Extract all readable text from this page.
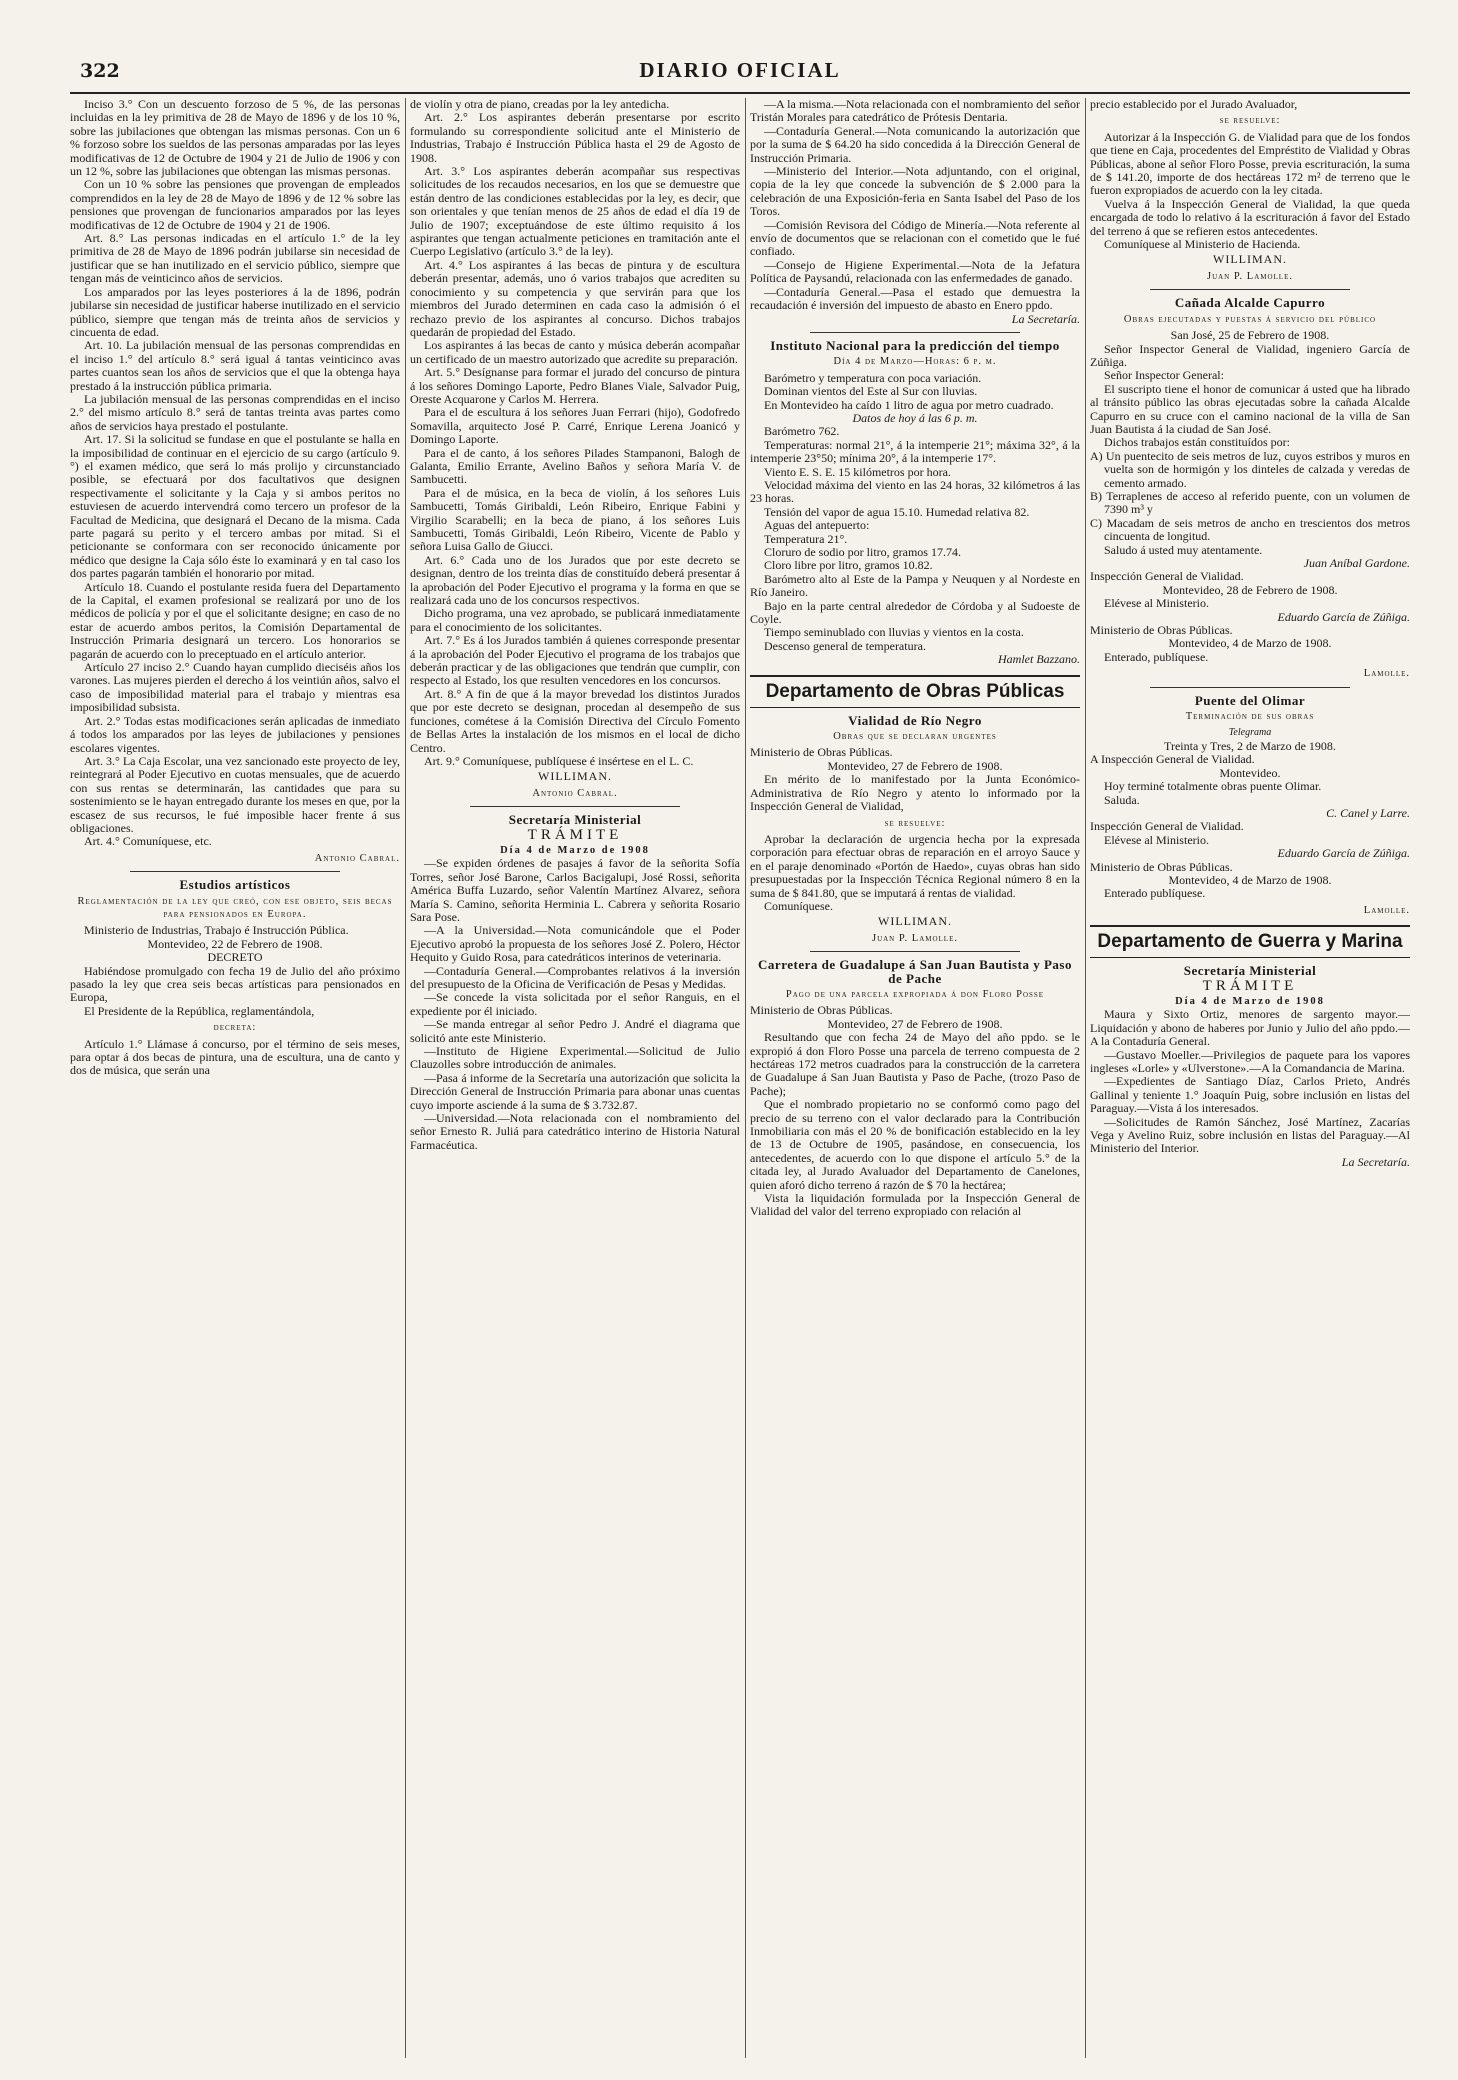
322	DIARIO OFICIAL

Inciso 3.° Con un descuento forzoso de 5 %, de las personas incluidas en la ley primitiva de 28 de Mayo de 1896 y de los 10 %, sobre las jubilaciones que obtengan las mismas personas. Con un 6 % forzoso sobre los sueldos de las personas amparadas por las leyes modificativas de 12 de Octubre de 1904 y 21 de Julio de 1906 y con un 12 %, sobre las jubilaciones que obtengan las mismas personas.

Con un 10 % sobre las pensiones que provengan de empleados comprendidos en la ley de 28 de Mayo de 1896 y de 12 % sobre las pensiones que provengan de funcionarios amparados por las leyes modificativas de 12 de Octubre de 1904 y 21 de 1906.

Art. 8.° Las personas indicadas en el artículo 1.° de la ley primitiva de 28 de Mayo de 1896 podrán jubilarse sin necesidad de justificar que se han inutilizado en el servicio público, siempre que tengan más de veinticinco años de servicios.

Los amparados por las leyes posteriores á la de 1896, podrán jubilarse sin necesidad de justificar haberse inutilizado en el servicio público, siempre que tengan más de treinta años de servicios y cincuenta de edad.

Art. 10. La jubilación mensual de las personas comprendidas en el inciso 1.° del artículo 8.° será igual á tantas veinticinco avas partes cuantos sean los años de servicios que el que la obtenga haya prestado á la instrucción pública primaria.

La jubilación mensual de las personas comprendidas en el inciso 2.° del mismo artículo 8.° será de tantas treinta avas partes como años de servicios haya prestado el postulante.

Art. 17. Si la solicitud se fundase en que el postulante se halla en la imposibilidad de continuar en el ejercicio de su cargo (artículo 9.°) el examen médico, que será lo más prolijo y circunstanciado posible, se efectuará por dos facultativos que designen respectivamente el solicitante y la Caja y si ambos peritos no estuviesen de acuerdo intervendrá como tercero un profesor de la Facultad de Medicina, que designará el Decano de la misma. Cada parte pagará su perito y el tercero ambas por mitad. Si el peticionante se conformara con ser reconocido únicamente por médico que designe la Caja sólo éste lo examinará y en tal caso los dos partes pagarán también el honorario por mitad.

Artículo 18. Cuando el postulante resida fuera del Departamento de la Capital, el examen profesional se realizará por uno de los médicos de policía y por el que el solicitante designe; en caso de no estar de acuerdo ambos peritos, la Comisión Departamental de Instrucción Primaria designará un tercero. Los honorarios se pagarán de acuerdo con lo preceptuado en el artículo anterior.

Artículo 27 inciso 2.° Cuando hayan cumplido dieciséis años los varones. Las mujeres pierden el derecho á los veintiún años, salvo el caso de imposibilidad material para el trabajo y mientras esa imposibilidad subsista.

Art. 2.° Todas estas modificaciones serán aplicadas de inmediato á todos los amparados por las leyes de jubilaciones y pensiones escolares vigentes.

Art. 3.° La Caja Escolar, una vez sancionado este proyecto de ley, reintegrará al Poder Ejecutivo en cuotas mensuales, que de acuerdo con sus rentas se determinarán, las cantidades que para su sostenimiento se le hayan entregado durante los meses en que, por la escasez de sus recursos, le fué imposible hacer frente á sus obligaciones.

Art. 4.° Comuníquese, etc.

Antonio Cabral.

Estudios artísticos

Reglamentación de la ley que creó, con ese objeto, seis becas para pensionados en Europa.

Ministerio de Industrias, Trabajo é Instrucción Pública.

Montevideo, 22 de Febrero de 1908.

DECRETO

Habiéndose promulgado con fecha 19 de Julio del año próximo pasado la ley que crea seis becas artísticas para pensionados en Europa,

El Presidente de la República, reglamentándola,

decreta:

Artículo 1.° Llámase á concurso, por el término de seis meses, para optar á dos becas de pintura, una de escultura, una de canto y dos de música, que serán una

de violín y otra de piano, creadas por la ley antedicha.

Art. 2.° Los aspirantes deberán presentarse por escrito formulando su correspondiente solicitud ante el Ministerio de Industrias, Trabajo é Instrucción Pública hasta el 29 de Agosto de 1908.

Art. 3.° Los aspirantes deberán acompañar sus respectivas solicitudes de los recaudos necesarios, en los que se demuestre que están dentro de las condiciones establecidas por la ley, es decir, que son orientales y que tenían menos de 25 años de edad el día 19 de Julio de 1907; exceptuándose de este último requisito á los aspirantes que tengan actualmente peticiones en tramitación ante el Cuerpo Legislativo (artículo 3.° de la ley).

Art. 4.° Los aspirantes á las becas de pintura y de escultura deberán presentar, además, uno ó varios trabajos que acrediten su conocimiento y su competencia y que servirán para que los miembros del Jurado determinen en cada caso la admisión ó el rechazo previo de los aspirantes al concurso. Dichos trabajos quedarán de propiedad del Estado.

Los aspirantes á las becas de canto y música deberán acompañar un certificado de un maestro autorizado que acredite su preparación.

Art. 5.° Desígnanse para formar el jurado del concurso de pintura á los señores Domingo Laporte, Pedro Blanes Viale, Salvador Puig, Oreste Acquarone y Carlos M. Herrera.

Para el de escultura á los señores Juan Ferrari (hijo), Godofredo Somavilla, arquitecto José P. Carré, Enrique Lerena Joanicó y Domingo Laporte.

Para el de canto, á los señores Pilades Stampanoni, Balogh de Galanta, Emilio Errante, Avelino Baños y señora María V. de Sambucetti.

Para el de música, en la beca de violín, á los señores Luis Sambucetti, Tomás Giribaldi, León Ribeiro, Enrique Fabini y Virgilio Scarabelli; en la beca de piano, á los señores Luis Sambucetti, Tomás Giribaldi, León Ribeiro, Vicente de Pablo y señora Luisa Gallo de Giucci.

Art. 6.° Cada uno de los Jurados que por este decreto se designan, dentro de los treinta días de constituído deberá presentar á la aprobación del Poder Ejecutivo el programa y la forma en que se realizará cada uno de los concursos respectivos.

Dicho programa, una vez aprobado, se publicará inmediatamente para el conocimiento de los solicitantes.

Art. 7.° Es á los Jurados también á quienes corresponde presentar á la aprobación del Poder Ejecutivo el programa de los trabajos que deberán practicar y de las obligaciones que tendrán que cumplir, con respecto al Estado, los que resulten vencedores en los concursos.

Art. 8.° A fin de que á la mayor brevedad los distintos Jurados que por este decreto se designan, procedan al desempeño de sus funciones, cométese á la Comisión Directiva del Círculo Fomento de Bellas Artes la instalación de los mismos en el local de dicho Centro.

Art. 9.° Comuníquese, publíquese é insértese en el L. C.

WILLIMAN.

Antonio Cabral.

Secretaría Ministerial

TRÁMITE

Día 4 de Marzo de 1908

—Se expiden órdenes de pasajes á favor de la señorita Sofía Torres, señor José Barone, Carlos Bacigalupi, José Rossi, señorita América Buffa Luzardo, señor Valentín Martínez Alvarez, señora María S. Camino, señorita Herminia L. Cabrera y señorita Rosario Sara Pose.

—A la Universidad.—Nota comunicándole que el Poder Ejecutivo aprobó la propuesta de los señores José Z. Polero, Héctor Hequito y Guido Rosa, para catedráticos interinos de veterinaria.

—Contaduría General.—Comprobantes relativos á la inversión del presupuesto de la Oficina de Verificación de Pesas y Medidas.

—Se concede la vista solicitada por el señor Ranguis, en el expediente por él iniciado.

—Se manda entregar al señor Pedro J. André el diagrama que solicitó ante este Ministerio.

—Instituto de Higiene Experimental.—Solicitud de Julio Clauzolles sobre introducción de animales.

—Pasa á informe de la Secretaría una autorización que solicita la Dirección General de Instrucción Primaria para abonar unas cuentas cuyo importe asciende á la suma de $ 3.732.87.

—Universidad.—Nota relacionada con el nombramiento del señor Ernesto R. Juliá para catedrático interino de Historia Natural Farmacéutica.

—A la misma.—Nota relacionada con el nombramiento del señor Tristán Morales para catedrático de Prótesis Dentaria.

—Contaduría General.—Nota comunicando la autorización que por la suma de $ 64.20 ha sido concedida á la Dirección General de Instrucción Primaria.

—Ministerio del Interior.—Nota adjuntando, con el original, copia de la ley que concede la subvención de $ 2.000 para la celebración de una Exposición-feria en Santa Isabel del Paso de los Toros.

—Comisión Revisora del Código de Minería.—Nota referente al envío de documentos que se relacionan con el cometido que le fué confiado.

—Consejo de Higiene Experimental.—Nota de la Jefatura Política de Paysandú, relacionada con las enfermedades de ganado.

—Contaduría General.—Pasa el estado que demuestra la recaudación é inversión del impuesto de abasto en Enero ppdo.

La Secretaría.

Instituto Nacional para la predicción del tiempo

Día 4 de Marzo—Horas: 6 p. m.

Barómetro y temperatura con poca variación.

Dominan vientos del Este al Sur con lluvias.

En Montevideo ha caído 1 litro de agua por metro cuadrado.

Datos de hoy á las 6 p. m.

Barómetro 762.

Temperaturas: normal 21°, á la intemperie 21°; máxima 32°, á la intemperie 23°50; mínima 20°, á la intemperie 17°.

Viento E. S. E. 15 kilómetros por hora.

Velocidad máxima del viento en las 24 horas, 32 kilómetros á las 23 horas.

Tensión del vapor de agua 15.10. Humedad relativa 82.

Aguas del antepuerto:

Temperatura 21°.

Cloruro de sodio por litro, gramos 17.74.

Cloro libre por litro, gramos 10.82.

Barómetro alto al Este de la Pampa y Neuquen y al Nordeste en Río Janeiro.

Bajo en la parte central alrededor de Córdoba y al Sudoeste de Coyle.

Tiempo seminublado con lluvias y vientos en la costa.

Descenso general de temperatura.

Hamlet Bazzano.

Departamento de Obras Públicas

Vialidad de Río Negro

Obras que se declaran urgentes

Ministerio de Obras Públicas.

Montevideo, 27 de Febrero de 1908.

En mérito de lo manifestado por la Junta Económico-Administrativa de Río Negro y atento lo informado por la Inspección General de Vialidad,

se resuelve:

Aprobar la declaración de urgencia hecha por la expresada corporación para efectuar obras de reparación en el arroyo Sauce y en el paraje denominado «Portón de Haedo», cuyas obras han sido presupuestadas por la Inspección Técnica Regional número 8 en la suma de $ 841.80, que se imputará á rentas de vialidad.

Comuníquese.

WILLIMAN.

Juan P. Lamolle.

Carretera de Guadalupe á San Juan Bautista y Paso de Pache

Pago de una parcela expropiada á don Floro Posse

Ministerio de Obras Públicas.

Montevideo, 27 de Febrero de 1908.

Resultando que con fecha 24 de Mayo del año ppdo. se le expropió á don Floro Posse una parcela de terreno compuesta de 2 hectáreas 172 metros cuadrados para la construcción de la carretera de Guadalupe á San Juan Bautista y Paso de Pache, (trozo Paso de Pache);

Que el nombrado propietario no se conformó como pago del precio de su terreno con el valor declarado para la Contribución Inmobiliaria con más el 20 % de bonificación establecido en la ley de 13 de Octubre de 1905, pasándose, en consecuencia, los antecedentes, de acuerdo con lo que dispone el artículo 5.° de la citada ley, al Jurado Avaluador del Departamento de Canelones, quien aforó dicho terreno á razón de $ 70 la hectárea;

Vista la liquidación formulada por la Inspección General de Vialidad del valor del terreno expropiado con relación al

precio establecido por el Jurado Avaluador,

se resuelve:

Autorizar á la Inspección G. de Vialidad para que de los fondos que tiene en Caja, procedentes del Empréstito de Vialidad y Obras Públicas, abone al señor Floro Posse, previa escrituración, la suma de $ 141.20, importe de dos hectáreas 172 m² de terreno que le fueron expropiados de acuerdo con la ley citada.

Vuelva á la Inspección General de Vialidad, la que queda encargada de todo lo relativo á la escrituración á favor del Estado del terreno á que se refieren estos antecedentes.

Comuníquese al Ministerio de Hacienda.

WILLIMAN.

Juan P. Lamolle.

Cañada Alcalde Capurro

Obras ejecutadas y puestas á servicio del público

San José, 25 de Febrero de 1908.

Señor Inspector General de Vialidad, ingeniero García de Zúñiga.

Señor Inspector General:

El suscripto tiene el honor de comunicar á usted que ha librado al tránsito público las obras ejecutadas sobre la cañada Alcalde Capurro en su cruce con el camino nacional de la villa de San Juan Bautista á la ciudad de San José.

Dichos trabajos están constituídos por:

A) Un puentecito de seis metros de luz, cuyos estribos y muros en vuelta son de hormigón y los dinteles de calzada y veredas de cemento armado.

B) Terraplenes de acceso al referido puente, con un volumen de 7390 m³ y

C) Macadam de seis metros de ancho en trescientos dos metros cincuenta de longitud.

Saludo á usted muy atentamente.

Juan Aníbal Gardone.

Inspección General de Vialidad.

Montevideo, 28 de Febrero de 1908.

Elévese al Ministerio.

Eduardo García de Zúñiga.

Ministerio de Obras Públicas.

Montevideo, 4 de Marzo de 1908.

Enterado, publíquese.

Lamolle.

Puente del Olimar

Terminación de sus obras

Telegrama

Treinta y Tres, 2 de Marzo de 1908.

A Inspección General de Vialidad.

Montevideo.

Hoy terminé totalmente obras puente Olimar.

Saluda.

C. Canel y Larre.

Inspección General de Vialidad.

Elévese al Ministerio.

Eduardo García de Zúñiga.

Ministerio de Obras Públicas.

Montevideo, 4 de Marzo de 1908.

Enterado publíquese.

Lamolle.

Departamento de Guerra y Marina

Secretaría Ministerial

TRÁMITE

Día 4 de Marzo de 1908

Maura y Sixto Ortiz, menores de sargento mayor.—Liquidación y abono de haberes por Junio y Julio del año ppdo.—A la Contaduría General.

—Gustavo Moeller.—Privilegios de paquete para los vapores ingleses «Lorle» y «Ulverstone».—A la Comandancia de Marina.

—Expedientes de Santiago Díaz, Carlos Prieto, Andrés Gallinal y teniente 1.° Joaquín Puig, sobre inclusión en listas del Paraguay.—Vista á los interesados.

—Solicitudes de Ramón Sánchez, José Martínez, Zacarías Vega y Avelino Ruiz, sobre inclusión en listas del Paraguay.—Al Ministerio del Interior.

La Secretaría.
